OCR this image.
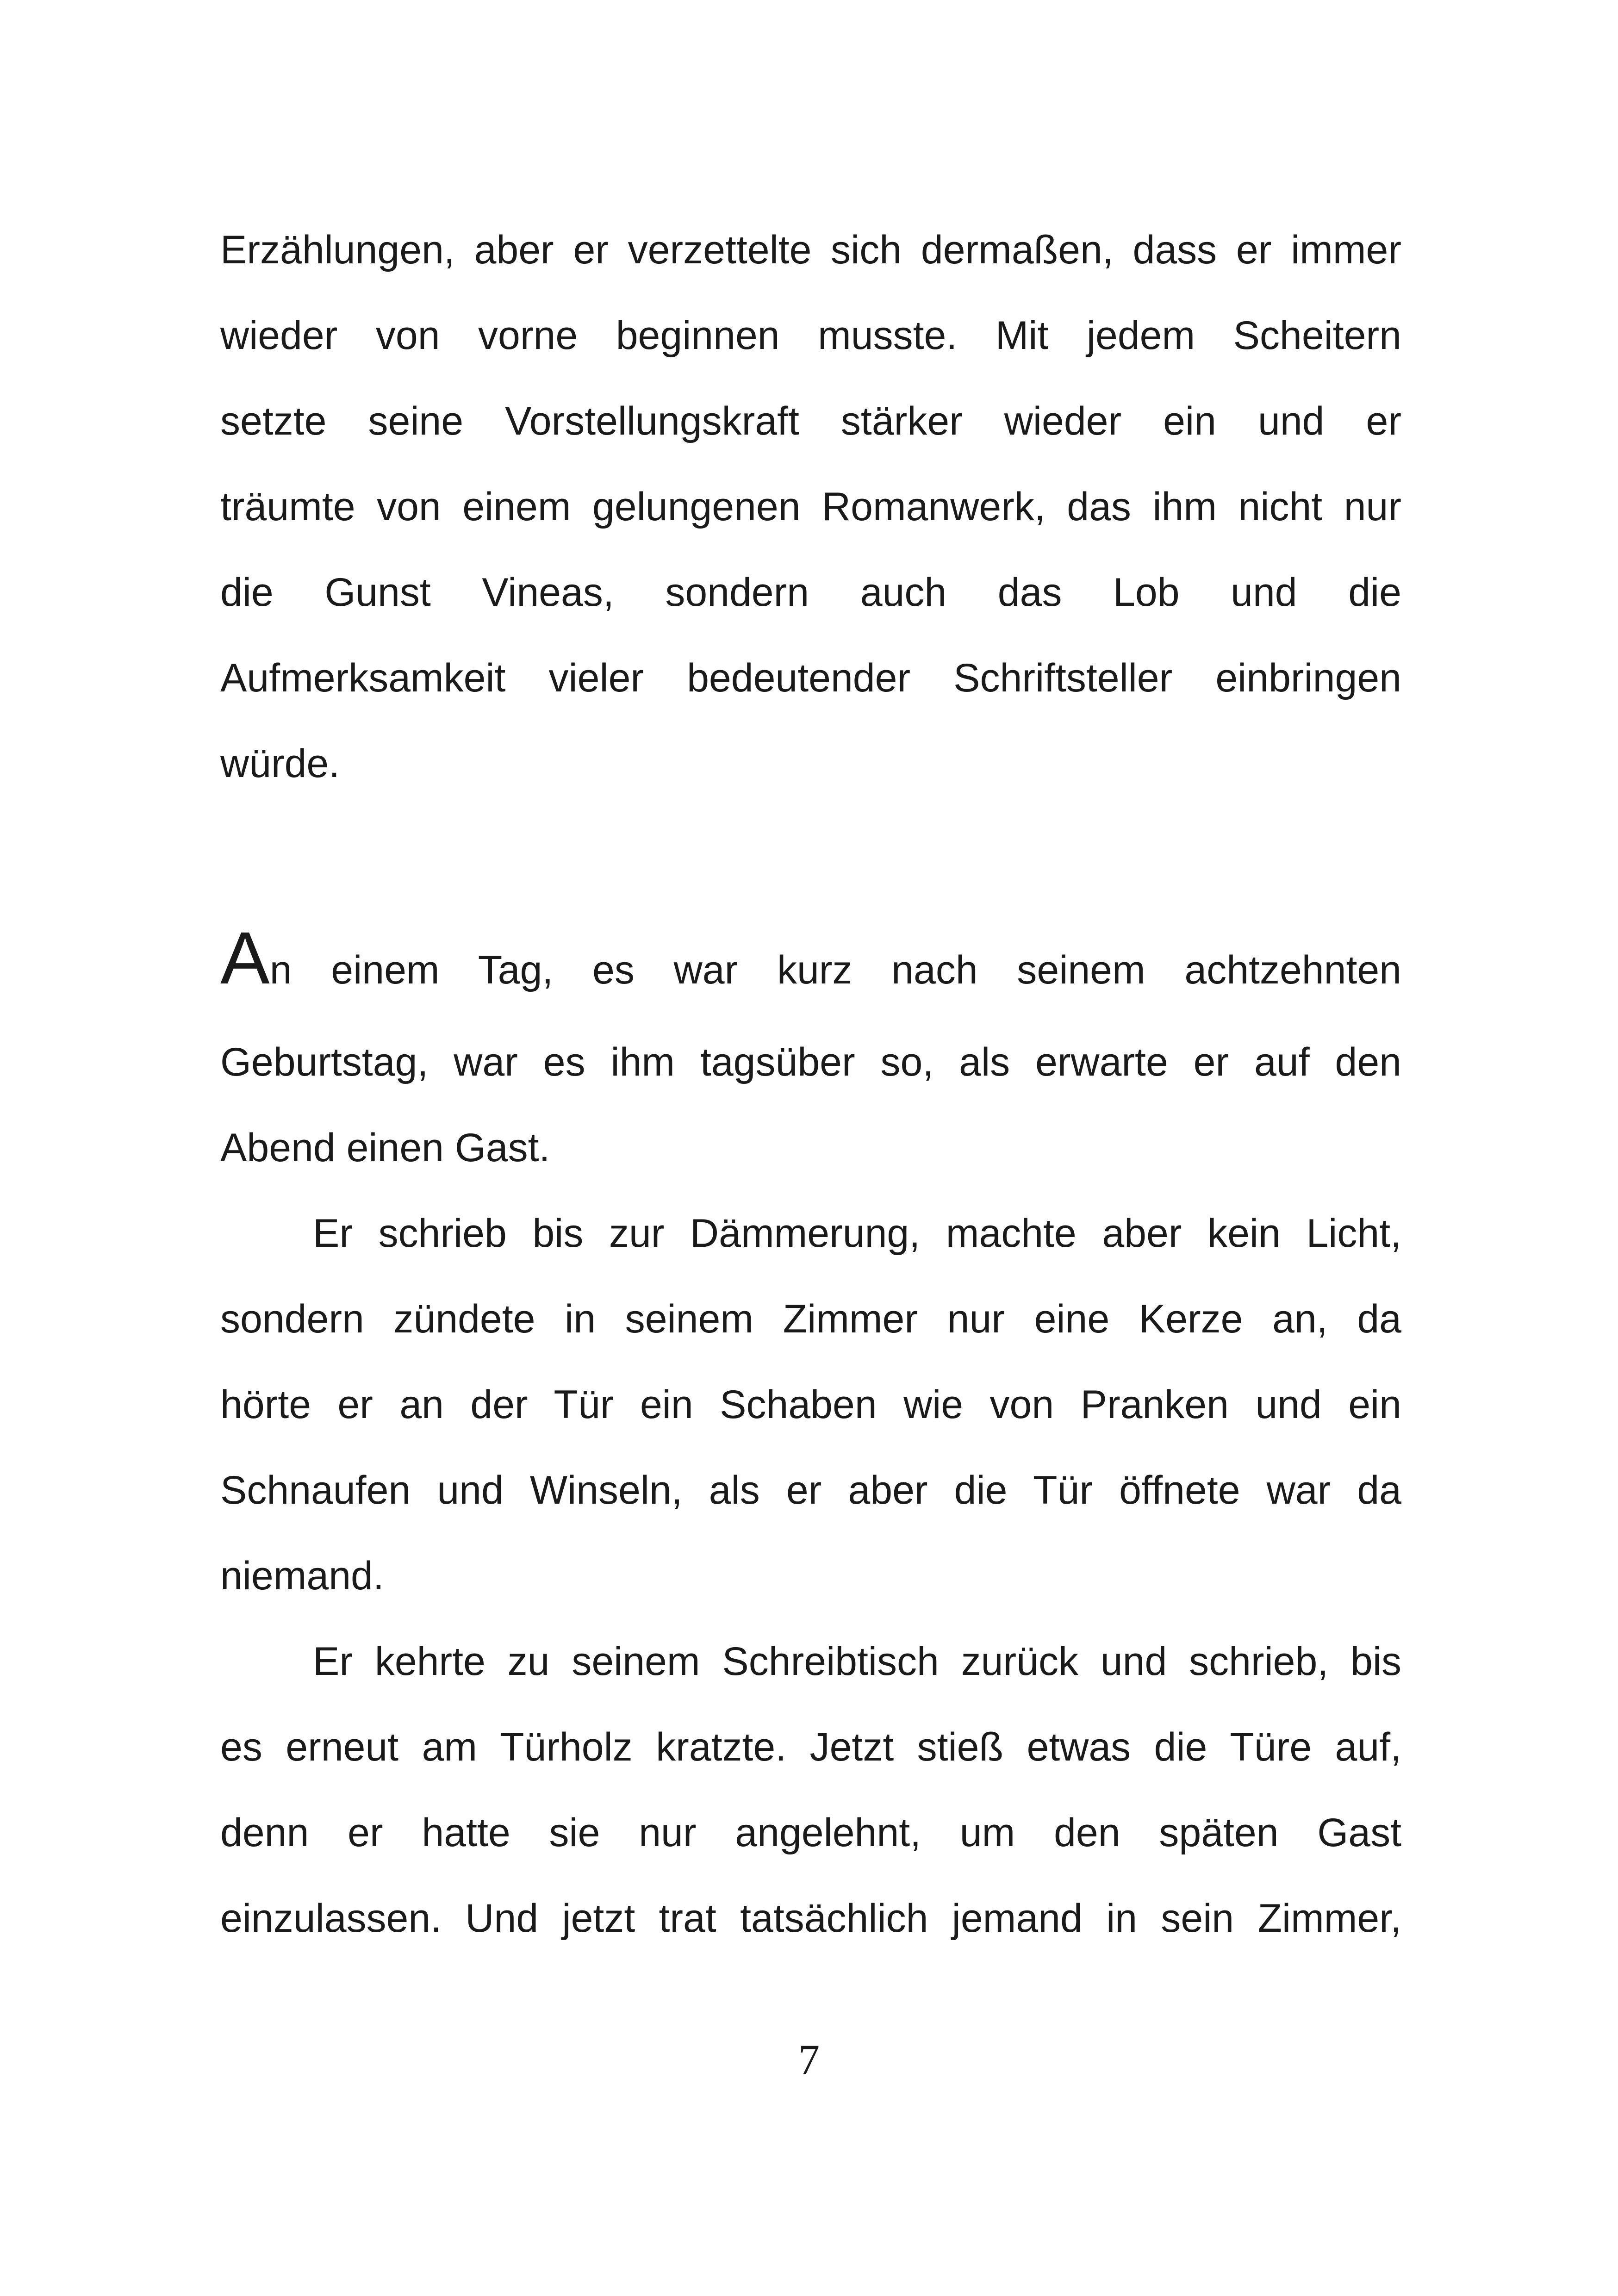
Erzählungen, aber er verzettelte sich dermaßen, dass er immer
wieder von vorne beginnen musste. Mit jedem Scheitern
setzte seine Vorstellungskraft stärker wieder ein und er
träumte von einem gelungenen Romanwerk, das ihm nicht nur
die Gunst Vineas, sondern auch das Lob und die
Aufmerksamkeit vieler bedeutender Schriftsteller einbringen
würde.
An einem Tag, es war kurz nach seinem achtzehnten
Geburtstag, war es ihm tagsüber so, als erwarte er auf den
Abend einen Gast.
Er schrieb bis zur Dämmerung, machte aber kein Licht,
sondern zündete in seinem Zimmer nur eine Kerze an, da
hörte er an der Tür ein Schaben wie von Pranken und ein
Schnaufen und Winseln, als er aber die Tür öffnete war da
niemand.
Er kehrte zu seinem Schreibtisch zurück und schrieb, bis
es erneut am Türholz kratzte. Jetzt stieß etwas die Türe auf,
denn er hatte sie nur angelehnt, um den späten Gast
einzulassen. Und jetzt trat tatsächlich jemand in sein Zimmer,
7
